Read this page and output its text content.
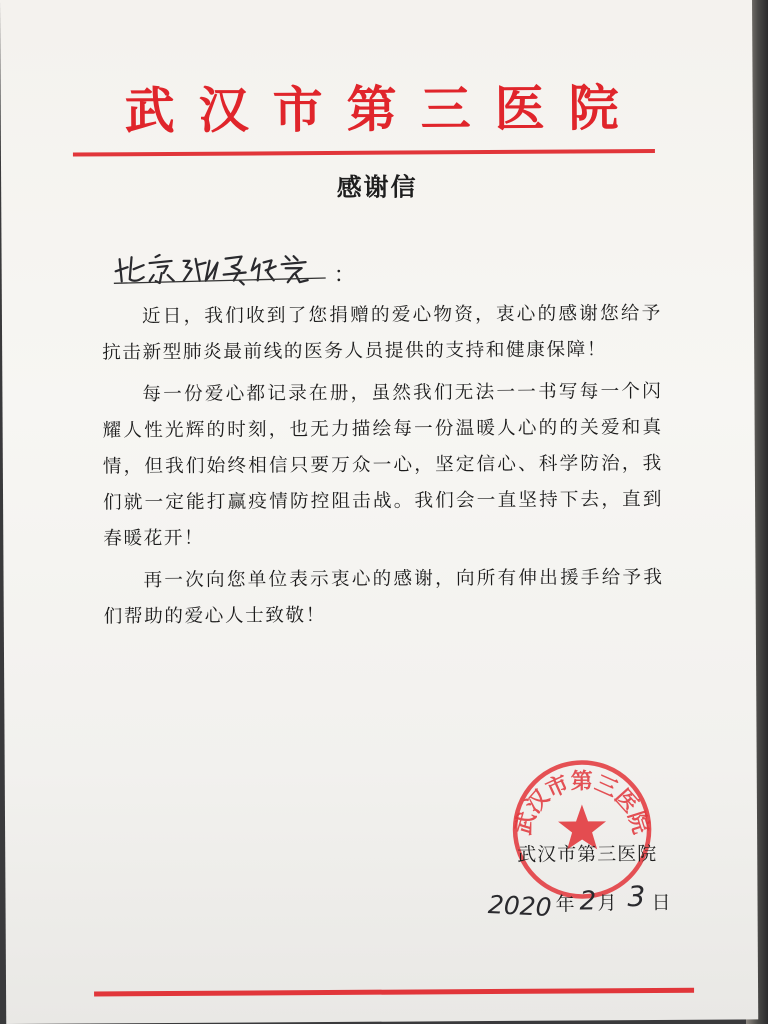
武汉市第三医院
感谢信
：

近日，我们收到了您捐赠的爱心物资，衷心的感谢您给予抗击新型肺炎最前线的医务人员提供的支持和健康保障！

每一份爱心都记录在册，虽然我们无法一一书写每一个闪耀人性光辉的时刻，也无力描绘每一份温暖人心的的关爱和真情，但我们始终相信只要万众一心，坚定信心、科学防治，我们就一定能打赢疫情防控阻击战。我们会一直坚持下去，直到春暖花开！

再一次向您单位表示衷心的感谢，向所有伸出援手给予我们帮助的爱心人士致敬！

武汉市第三医院
武汉市第三医院
2020 年 2 月 3 日
